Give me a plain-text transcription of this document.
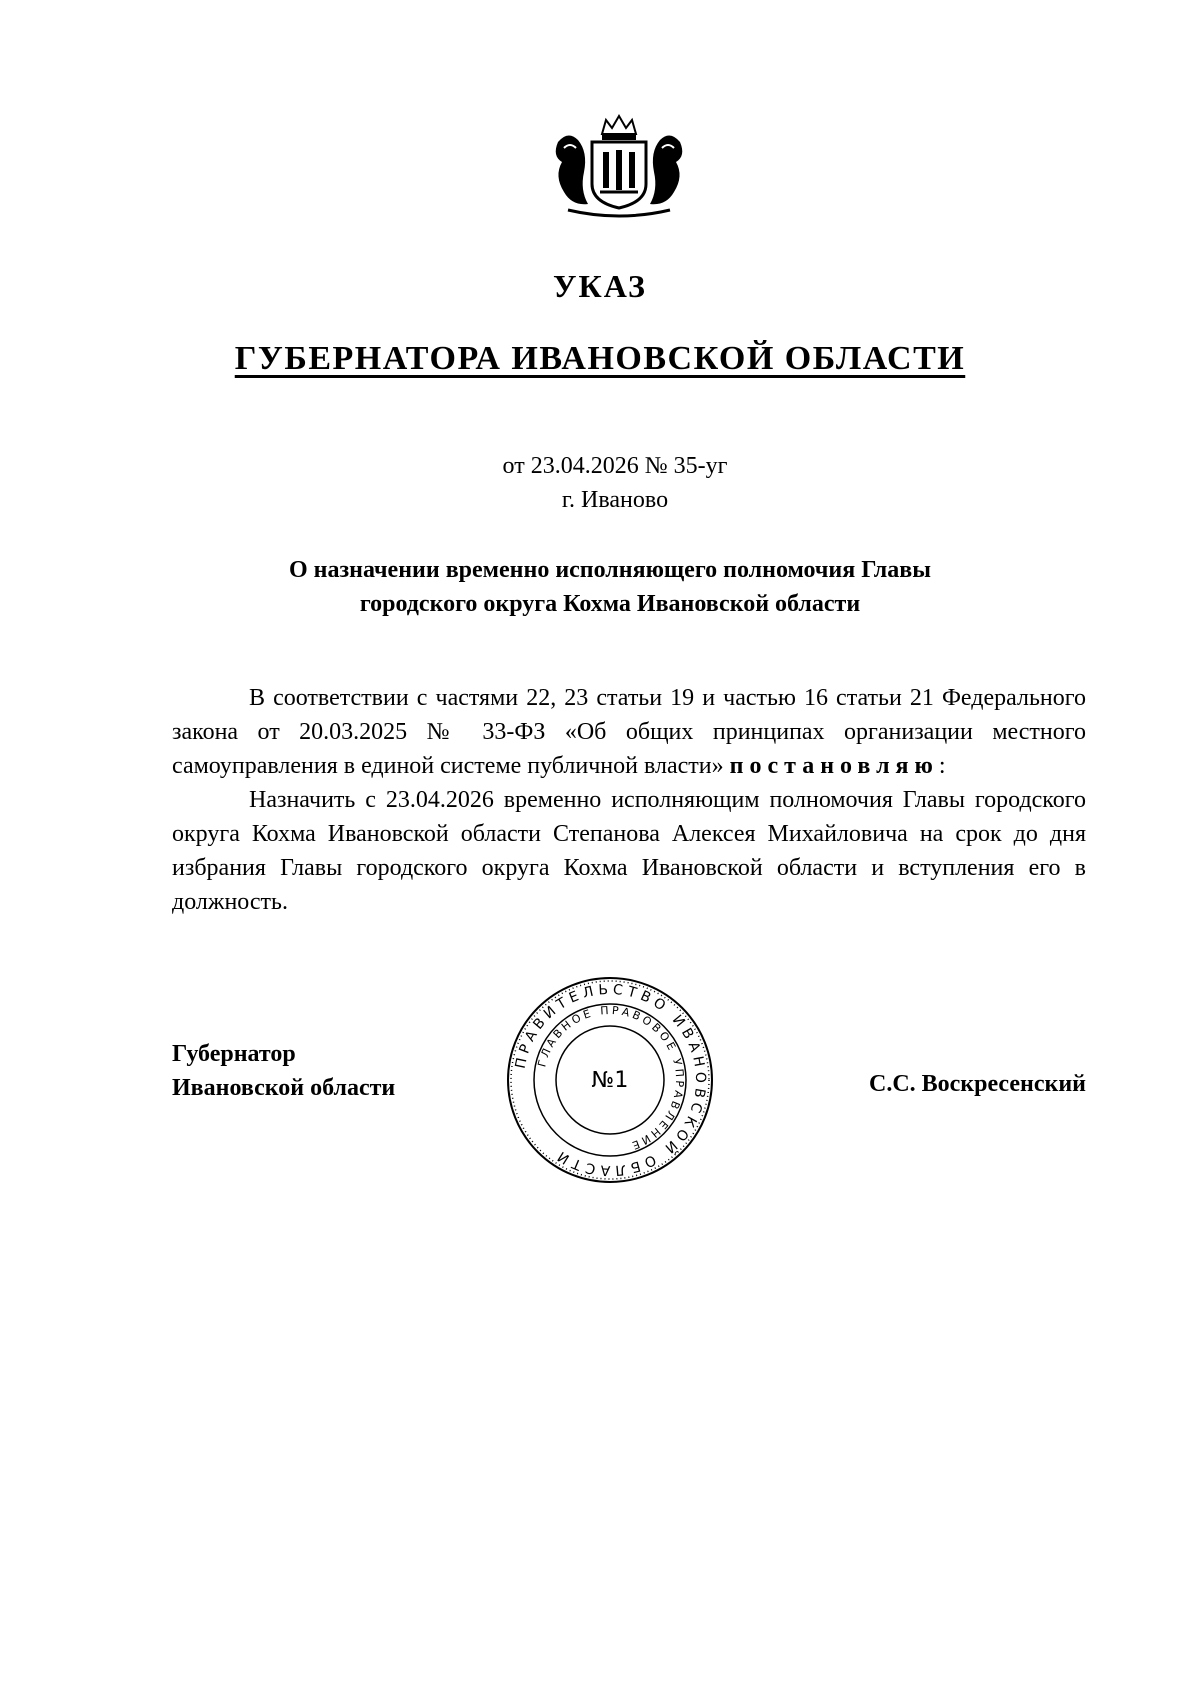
УКАЗ
ГУБЕРНАТОРА ИВАНОВСКОЙ ОБЛАСТИ
от 23.04.2026 № 35-уг
г. Иваново
О назначении временно исполняющего полномочия Главы
городского округа Кохма Ивановской области

В соответствии с частями 22, 23 статьи 19 и частью 16 статьи 21 Федерального закона от 20.03.2025 № 33-ФЗ «Об общих принципах организации местного самоуправления в единой системе публичной власти» постановляю:

Назначить с 23.04.2026 временно исполняющим полномочия Главы городского округа Кохма Ивановской области Степанова Алексея Михайловича на срок до дня избрания Главы городского округа Кохма Ивановской области и вступления его в должность.

Губернатор
Ивановской области
ПРАВИТЕЛЬСТВО ИВАНОВСКОЙ ОБЛАСТИ
ГЛАВНОЕ ПРАВОВОЕ УПРАВЛЕНИЕ
№1	С.С. Воскресенский
